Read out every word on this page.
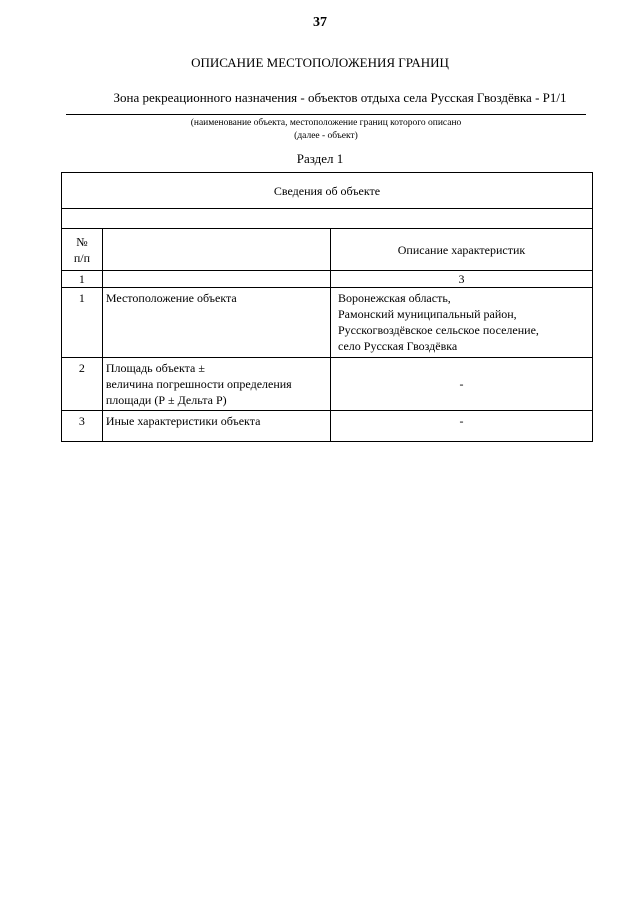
37
ОПИСАНИЕ МЕСТОПОЛОЖЕНИЯ ГРАНИЦ
Зона рекреационного назначения - объектов отдыха села Русская Гвоздёвка - Р1/1
(наименование объекта, местоположение границ которого описано
(далее - объект)
Раздел 1
Сведения об объекте		

№
п/п		Описание характеристик
1		3
1	Местоположение объекта	Воронежская область,
Рамонский муниципальный район,
Русскогвоздёвское сельское поселение,
село Русская Гвоздёвка

2	Площадь объекта ±
величина погрешности определения
площади (Р ± Дельта Р)	-

3	Иные характеристики объекта	-
